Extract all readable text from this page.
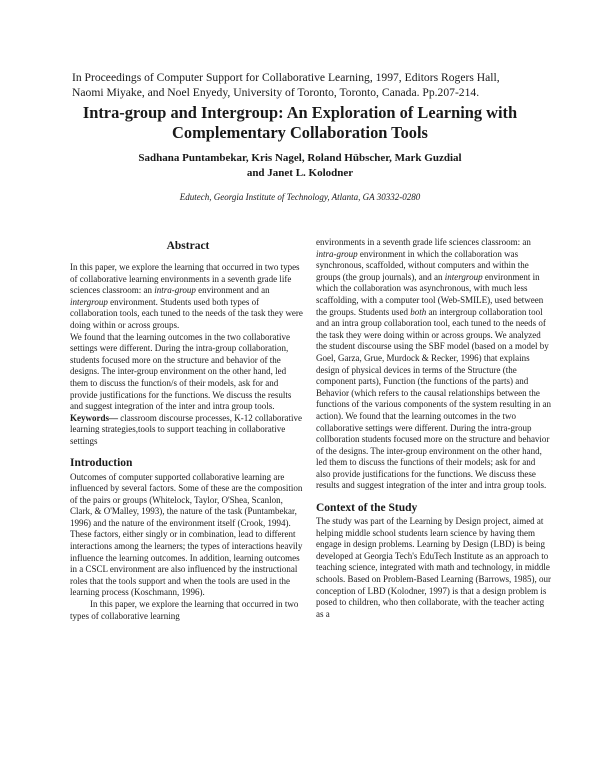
In Proceedings of Computer Support for Collaborative Learning, 1997, Editors Rogers Hall,
Naomi Miyake, and Noel Enyedy, University of Toronto, Toronto, Canada. Pp.207-214.
Intra-group and Intergroup: An Exploration of Learning with
Complementary Collaboration Tools
Sadhana Puntambekar, Kris Nagel, Roland Hübscher, Mark Guzdial
and Janet L. Kolodner
Edutech, Georgia Institute of Technology, Atlanta, GA 30332-0280
Abstract

In this paper, we explore the learning that occurred in two types of collaborative learning environments in a seventh grade life sciences classroom: an intra-group environment and an intergroup environment. Students used both types of collaboration tools, each tuned to the needs of the task they were doing within or across groups.

We found that the learning outcomes in the two collaborative settings were different. During the intra-group collaboration, students focused more on the structure and behavior of the designs. The inter-group environment on the other hand, led them to discuss the function/s of their models, ask for and provide justifications for the functions. We discuss the results and suggest integration of the inter and intra group tools.

Keywords— classroom discourse processes, K-12 collaborative learning strategies,tools to support teaching in collaborative settings

Introduction

Outcomes of computer supported collaborative learning are influenced by several factors. Some of these are the composition of the pairs or groups (Whitelock, Taylor, O'Shea, Scanlon, Clark, & O'Malley, 1993), the nature of the task (Puntambekar, 1996) and the nature of the environment itself (Crook, 1994). These factors, either singly or in combination, lead to different interactions among the learners; the types of interactions heavily influence the learning outcomes. In addition, learning outcomes in a CSCL environment are also influenced by the instructional roles that the tools support and when the tools are used in the learning process (Koschmann, 1996).

In this paper, we explore the learning that occurred in two types of collaborative learning

environments in a seventh grade life sciences classroom: an intra-group environment in which the collaboration was synchronous, scaffolded, without computers and within the groups (the group journals), and an intergroup environment in which the collaboration was asynchronous, with much less scaffolding, with a computer tool (Web-SMILE), used between the groups. Students used both an intergroup collaboration tool and an intra group collaboration tool, each tuned to the needs of the task they were doing within or across groups. We analyzed the student discourse using the SBF model (based on a model by Goel, Garza, Grue, Murdock & Recker, 1996) that explains design of physical devices in terms of the Structure (the component parts), Function (the functions of the parts) and Behavior (which refers to the causal relationships between the functions of the various components of the system resulting in an action). We found that the learning outcomes in the two collaborative settings were different. During the intra-group collboration students focused more on the structure and behavior of the designs. The inter-group environment on the other hand, led them to discuss the functions of their models; ask for and also provide justifications for the functions. We discuss these results and suggest integration of the inter and intra group tools.

Context of the Study

The study was part of the Learning by Design project, aimed at helping middle school students learn science by having them engage in design problems. Learning by Design (LBD) is being developed at Georgia Tech's EduTech Institute as an approach to teaching science, integrated with math and technology, in middle schools. Based on Problem-Based Learning (Barrows, 1985), our conception of LBD (Kolodner, 1997) is that a design problem is posed to children, who then collaborate, with the teacher acting as a
